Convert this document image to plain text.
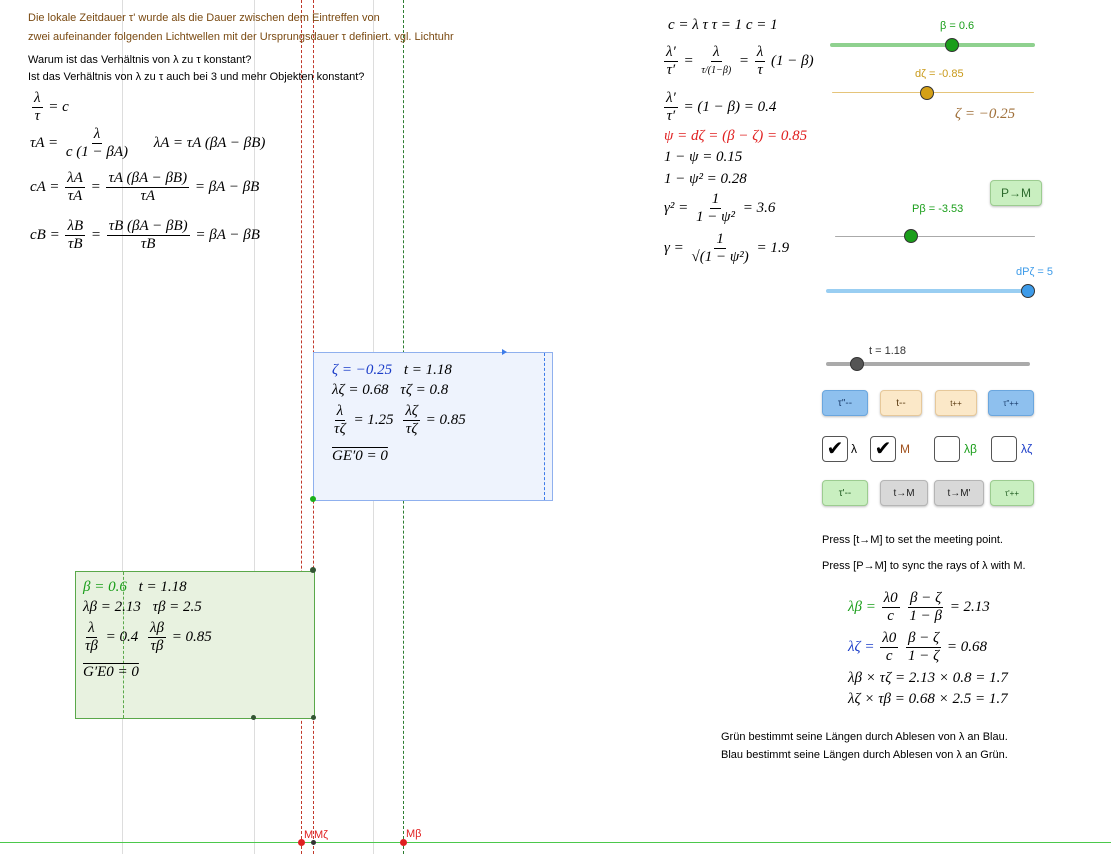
Die lokale Zeitdauer τ' wurde als die Dauer zwischen dem Eintreffen von
zwei aufeinander folgenden Lichtwellen mit der Ursprungsdauer τ definiert. vgl. Lichtuhr
Warum ist das Verhältnis von λ zu τ konstant?
Ist das Verhältnis von λ zu τ auch bei 3 und mehr Objekten konstant?
$\frac{\lambda}{\tau} = c$
$\tau A = \frac{\lambda}{c (1 - \beta A)}$ λA = τA (βA − βB)
cA = $\frac{\lambda A}{\tau A} = \frac{\tau A (\beta A - \beta B)}{\tau A} = \beta A - \beta B$
cB = $\frac{\lambda B}{\tau B} = \frac{\tau B (\beta A - \beta B)}{\tau B} = \beta A - \beta B$
c = λ τ τ = 1 c = 1
$\frac{\lambda'}{\tau'} = \frac{\lambda}{\tau/(1-\beta)} = \frac{\lambda}{\tau} (1 - \beta)$
$\frac{\lambda'}{\tau'} = (1 - \beta) = 0.4$
ψ = dζ = (β − ζ) = 0.85
1 − ψ = 0.15
1 − ψ² = 0.28
$\gamma^2 = \frac{1}{\text{1 − ψ²}} = 3.6$
$\gamma = \frac{1}{\text{√(1 − ψ²)}} = 1.9$
β = 0.6
dζ = -0.85
ζ = −0.25
P→M
Pβ = -3.53
dPζ = 5
t = 1.18
τ"--	t--	t++	τ"++
✔ λ ✔ M	λβ	λζ
τ'--	t→M	t→M'	τ'++
Press [t→M] to set the meeting point.
Press [P→M] to sync the rays of λ with M.
$\lambda\beta = \frac{\lambda 0}{c}$
$\frac{\beta - \zeta}{1 - \beta} = 2.13$
$\lambda\zeta = \frac{\lambda 0}{c}$
$\frac{\beta - \zeta}{1 - \zeta} = 0.68$
λβ × τζ = 2.13 × 0.8 = 1.7
λζ × τβ = 0.68 × 2.5 = 1.7
Grün bestimmt seine Längen durch Ablesen von λ an Blau.
Blau bestimmt seine Längen durch Ablesen von λ an Grün.
ζ = −0.25 t = 1.18
λζ = 0.68 τζ = 0.8
$\frac{\lambda}{\tau\zeta} = 1.25 \frac{\lambda\zeta}{\tau\zeta} = 0.85$
GE′0 = 0
β = 0.6 t = 1.18
λβ = 2.13 τβ = 2.5
$\frac{\lambda}{\tau\beta} = 0.4 \frac{\lambda\beta}{\tau\beta} = 0.85$
G′E0 = 0
M Mζ	Mβ
